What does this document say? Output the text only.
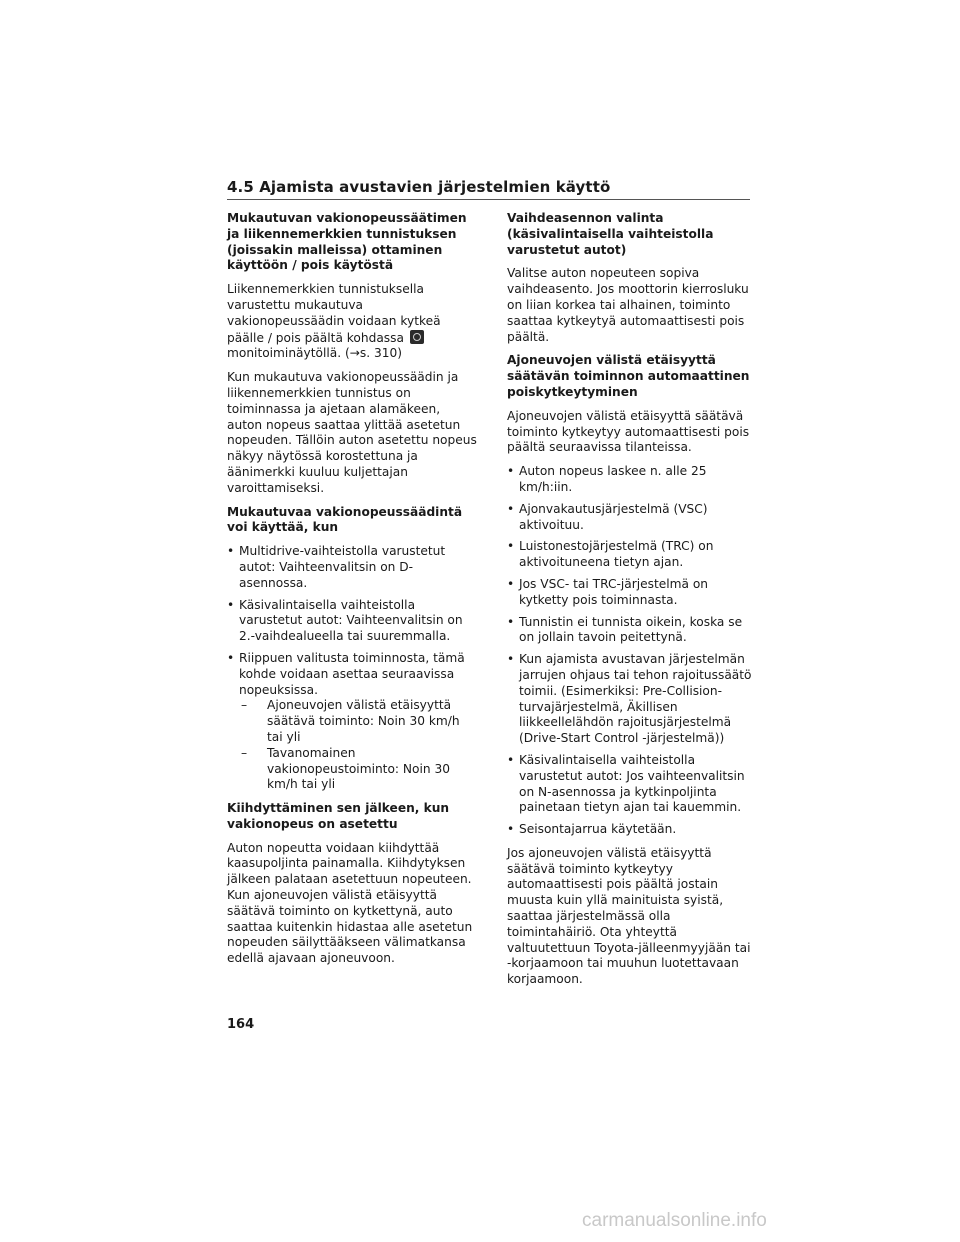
4.5 Ajamista avustavien järjestelmien käyttö
Mukautuvan vakionopeussäätimen ja liikennemerkkien tunnistuksen (joissakin malleissa) ottaminen käyttöön / pois käytöstä

Liikennemerkkien tunnistuksella varustettu mukautuva vakionopeussäädin voidaan kytkeä päälle / pois päältä kohdassa  monitoiminäytöllä. (→s. 310)

Kun mukautuva vakionopeussäädin ja liikennemerkkien tunnistus on toiminnassa ja ajetaan alamäkeen, auton nopeus saattaa ylittää asetetun nopeuden. Tällöin auton asetettu nopeus näkyy näytössä korostettuna ja äänimerkki kuuluu kuljettajan varoittamiseksi.

Mukautuvaa vakionopeussäädintä voi käyttää, kun
• Multidrive-vaihteistolla varustetut autot: Vaihteenvalitsin on D-asennossa.
• Käsivalintaisella vaihteistolla varustetut autot: Vaihteenvalitsin on 2.-vaihdealueella tai suuremmalla.
• Riippuen valitusta toiminnosta, tämä kohde voidaan asettaa seuraavissa nopeuksissa.
– Ajoneuvojen välistä etäisyyttä säätävä toiminto: Noin 30 km/h tai yli
– Tavanomainen vakionopeustoiminto: Noin 30 km/h tai yli
Kiihdyttäminen sen jälkeen, kun vakionopeus on asetettu

Auton nopeutta voidaan kiihdyttää kaasupoljinta painamalla. Kiihdytyksen jälkeen palataan asetettuun nopeuteen. Kun ajoneuvojen välistä etäisyyttä säätävä toiminto on kytkettynä, auto saattaa kuitenkin hidastaa alle asetetun nopeuden säilyttääkseen välimatkansa edellä ajavaan ajoneuvoon.

Vaihdeasennon valinta (käsivalintaisella vaihteistolla varustetut autot)

Valitse auton nopeuteen sopiva vaihdeasento. Jos moottorin kierrosluku on liian korkea tai alhainen, toiminto saattaa kytkeytyä automaattisesti pois päältä.

Ajoneuvojen välistä etäisyyttä säätävän toiminnon automaattinen poiskytkeytyminen

Ajoneuvojen välistä etäisyyttä säätävä toiminto kytkeytyy automaattisesti pois päältä seuraavissa tilanteissa.

• Auton nopeus laskee n. alle 25 km/h:iin.
• Ajonvakautusjärjestelmä (VSC) aktivoituu.
• Luistonestojärjestelmä (TRC) on aktivoituneena tietyn ajan.
• Jos VSC- tai TRC-järjestelmä on kytketty pois toiminnasta.
• Tunnistin ei tunnista oikein, koska se on jollain tavoin peitettynä.
• Kun ajamista avustavan järjestelmän jarrujen ohjaus tai tehon rajoitussäätö toimii. (Esimerkiksi: Pre-Collision-turvajärjestelmä, Äkillisen liikkeellelähdön rajoitusjärjestelmä (Drive-Start Control -järjestelmä))
• Käsivalintaisella vaihteistolla varustetut autot: Jos vaihteenvalitsin on N-asennossa ja kytkinpoljinta painetaan tietyn ajan tai kauemmin.
• Seisontajarrua käytetään.

Jos ajoneuvojen välistä etäisyyttä säätävä toiminto kytkeytyy automaattisesti pois päältä jostain muusta kuin yllä mainituista syistä, saattaa järjestelmässä olla toimintahäiriö. Ota yhteyttä valtuutettuun Toyota-jälleenmyyjään tai -korjaamoon tai muuhun luotettavaan korjaamoon.

164
carmanualsonline.info
